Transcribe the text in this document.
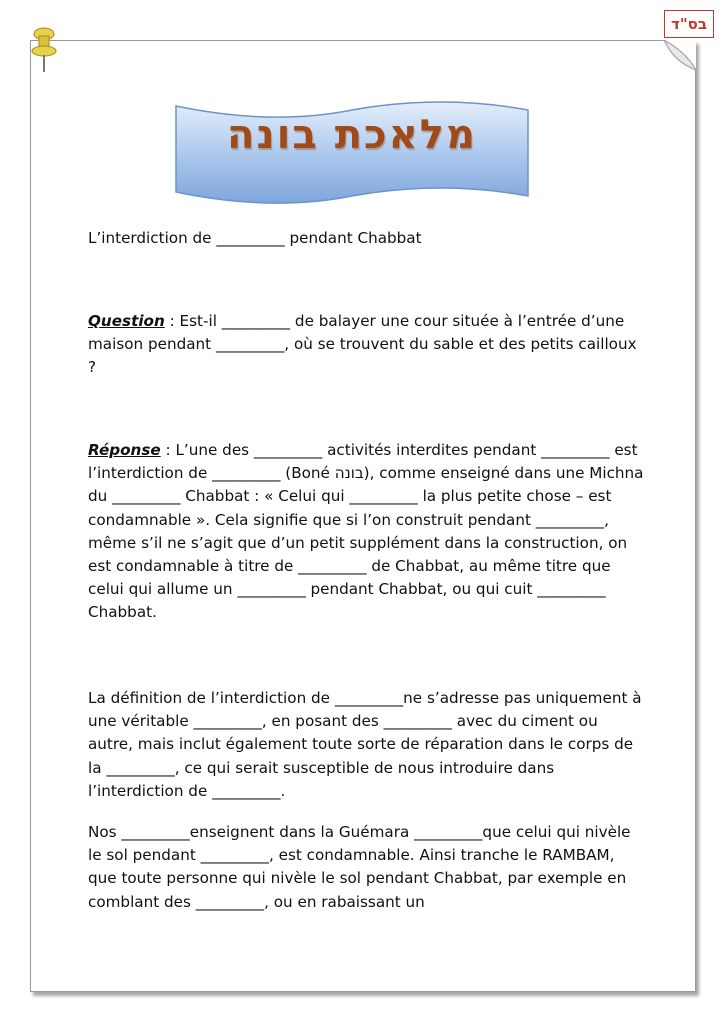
בס"ד
מלאכת בונה

L’interdiction de _________ pendant Chabbat

Question : Est-il _________ de balayer une cour située à l’entrée d’une maison pendant _________, où se trouvent du sable et des petits cailloux ?

Réponse : L’une des _________ activités interdites pendant _________ est l’interdiction de _________ (Boné בונה), comme enseigné dans une Michna du _________ Chabbat : « Celui qui _________ la plus petite chose – est condamnable ». Cela signifie que si l’on construit pendant _________, même s’il ne s’agit que d’un petit supplément dans la construction, on est condamnable à titre de _________ de Chabbat, au même titre que celui qui allume un _________ pendant Chabbat, ou qui cuit _________ Chabbat.

La définition de l’interdiction de _________ne s’adresse pas uniquement à une véritable _________, en posant des _________ avec du ciment ou autre, mais inclut également toute sorte de réparation dans le corps de la _________, ce qui serait susceptible de nous introduire dans l’interdiction de _________.

Nos _________enseignent dans la Guémara _________que celui qui nivèle le sol pendant _________, est condamnable. Ainsi tranche le RAMBAM, que toute personne qui nivèle le sol pendant Chabbat, par exemple en comblant des _________, ou en rabaissant un
